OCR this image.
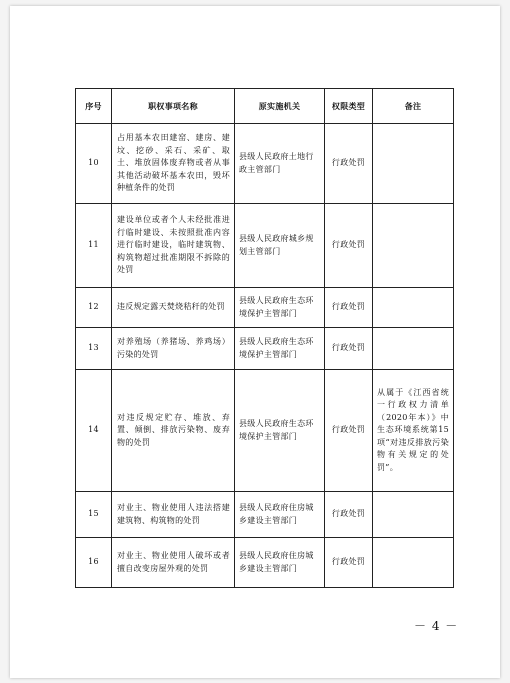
序号	职权事项名称	原实施机关	权限类型	备注
10	占用基本农田建窑、建房、建坟、挖砂、采石、采矿、取土、堆放固体废弃物或者从事其他活动破坏基本农田，毁坏种植条件的处罚	县级人民政府土地行政主管部门	行政处罚	
11	建设单位或者个人未经批准进行临时建设、未按照批准内容进行临时建设，临时建筑物、构筑物超过批准期限不拆除的处罚	县级人民政府城乡规划主管部门	行政处罚	
12	违反规定露天焚烧秸秆的处罚	县级人民政府生态环境保护主管部门	行政处罚	
13	对养殖场（养猪场、养鸡场）污染的处罚	县级人民政府生态环境保护主管部门	行政处罚	
14	对违反规定贮存、堆放、弃置、倾倒、排放污染物、废弃物的处罚	县级人民政府生态环境保护主管部门	行政处罚	从属于《江西省统一行政权力清单（2020年本）》中生态环境系统第15项“对违反排放污染物有关规定的处罚”。
15	对业主、物业使用人违法搭建建筑物、构筑物的处罚	县级人民政府住房城乡建设主管部门	行政处罚	
16	对业主、物业使用人破坏或者擅自改变房屋外观的处罚	县级人民政府住房城乡建设主管部门	行政处罚	
－ 4 －
